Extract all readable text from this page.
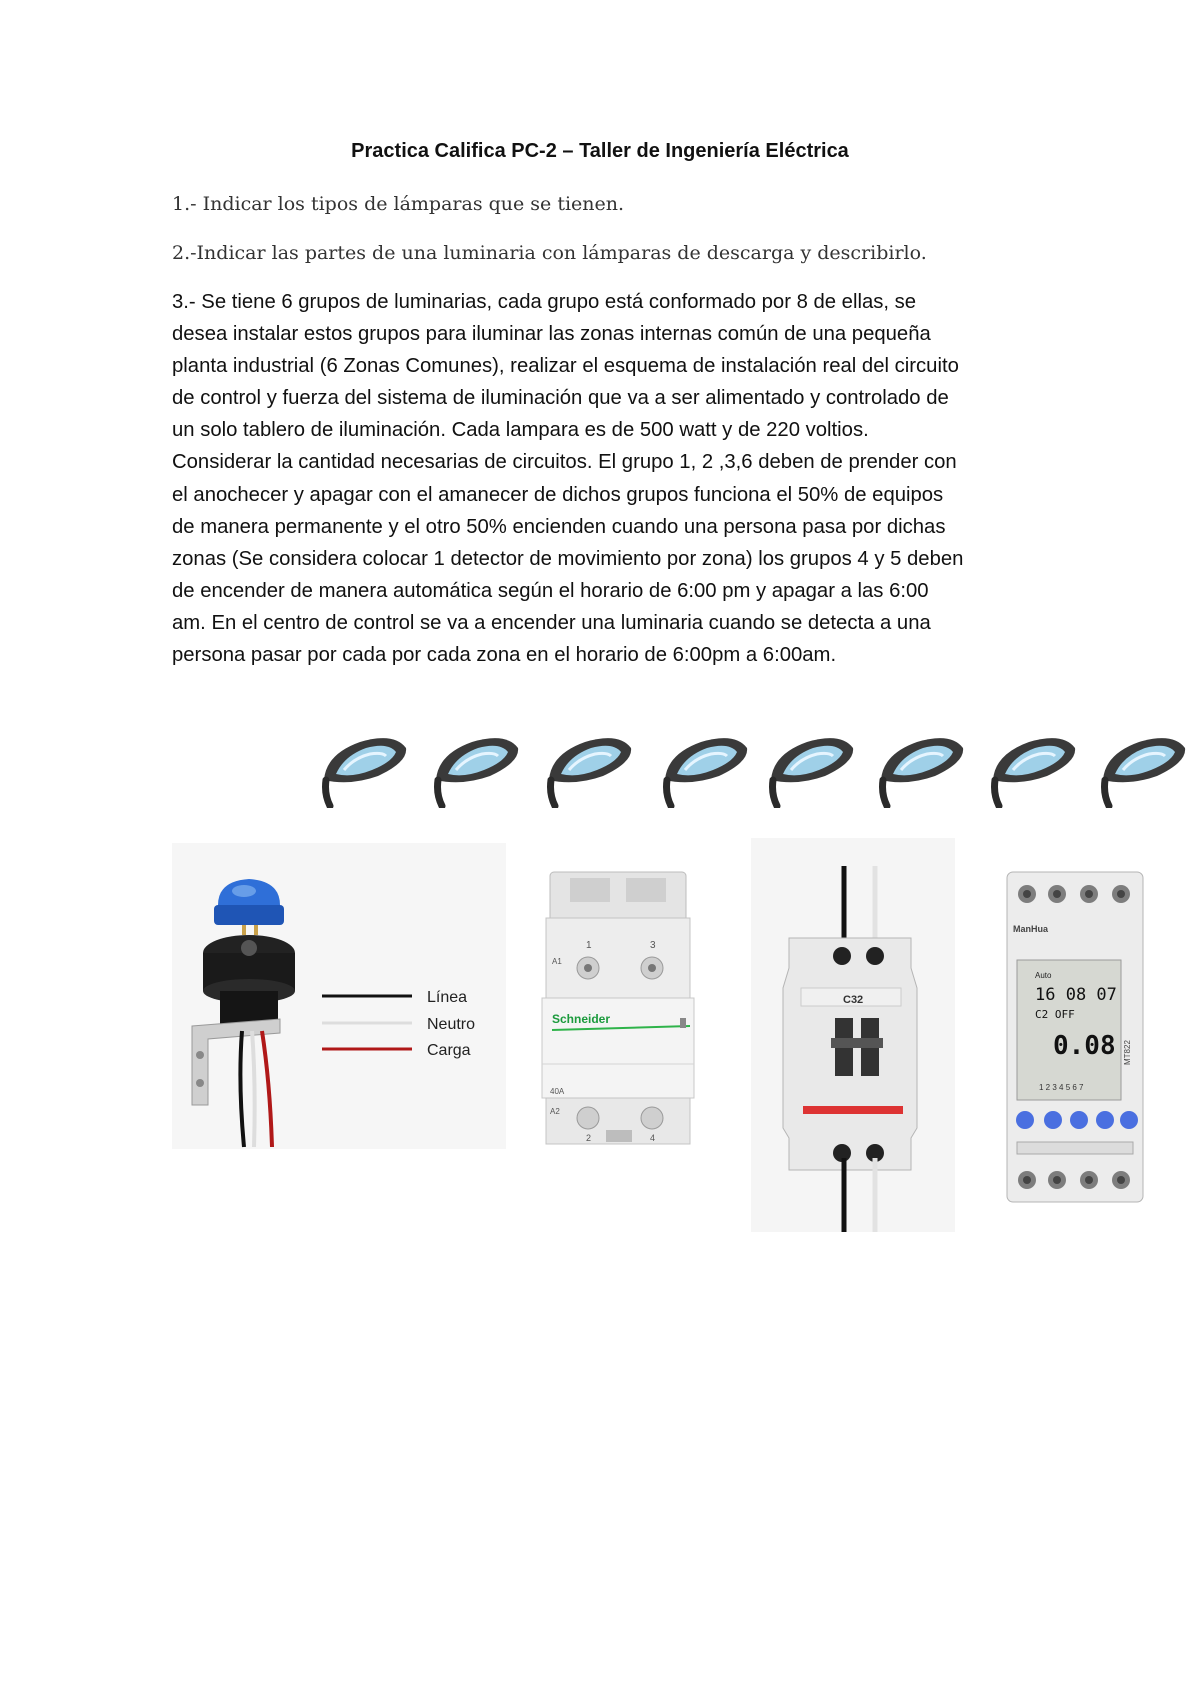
Practica Califica PC-2 – Taller de Ingeniería Eléctrica
1.- Indicar los tipos de lámparas que se tienen.
2.-Indicar las partes de una luminaria con lámparas de descarga y describirlo.
3.- Se tiene 6 grupos de luminarias, cada grupo está conformado por 8 de ellas, se
desea instalar estos grupos para iluminar las zonas internas común de una pequeña
planta industrial (6 Zonas Comunes), realizar el esquema de instalación real del circuito
de control y fuerza del sistema de iluminación que va a ser alimentado y controlado de
un solo tablero de iluminación. Cada lampara es de 500 watt y de 220 voltios.
Considerar la cantidad necesarias de circuitos. El grupo 1, 2 ,3,6 deben de prender con
el anochecer y apagar con el amanecer de dichos grupos funciona el 50% de equipos
de manera permanente y el otro 50% encienden cuando una persona pasa por dichas
zonas (Se considera colocar 1 detector de movimiento por zona) los grupos 4 y 5 deben
de encender de manera automática según el horario de 6:00 pm y apagar a las 6:00
am. En el centro de control se va a encender una luminaria cuando se detecta a una
persona pasar por cada por cada zona en el horario de 6:00pm a 6:00am.
Línea
Neutro
Carga
1	3
A1
Schneider
40A
A2
2	4
C32
ManHua
Auto
16 08 07
C2 OFF
0.08
1 2 3 4 5 6 7
MT822
